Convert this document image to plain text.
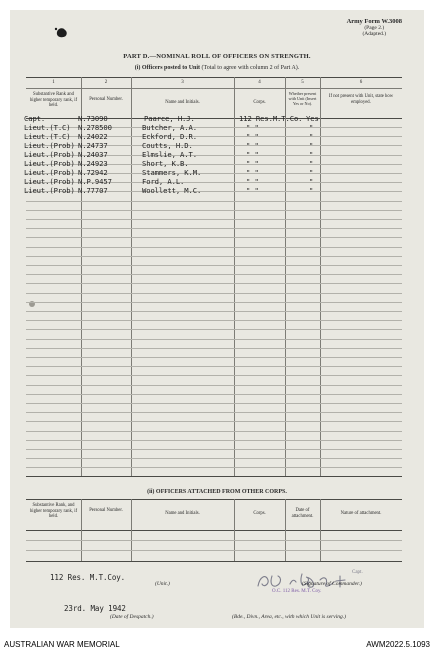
Army Form W.3008
(Page 2.)
(Adapted.)
PART D.—NOMINAL ROLL OF OFFICERS ON STRENGTH.
(i) Officers posted to Unit (Total to agree with column 2 of Part A).
1	2	3	4	5	6
Substantive Rank and higher temporary rank, if held.
Personal Number.
Name and Initials.	Corps.
Whether present with Unit (Insert Yes or No).
If not present with Unit, state how employed.
Capt.	N.73090	Paarce, H.J.	112 Res.M.T.Co. Yes
Lieut.(T.C) N.278500	Butcher, A.A.	" "	"
Lieut.(T.C) N.24022	Eckford, D.R.	" "	"
Lieut.(Prob) N.24737	Coutts, H.D.	" "	"
Lieut.(Prob) N.24037	Elmslie, A.T.	" "	"
Lieut.(Prob) N.24923	Short, K.B.	" "	"
Lieut.(Prob) N.72942	Stammers, K.M.	" "	"
Lieut.(Prob) N.P.9457	Ford, A.L.	" "	"
Lieut.(Prob) N.77707	Woollett, M.C.	" "	"
(ii) OFFICERS ATTACHED FROM OTHER CORPS.
Substantive Rank, and higher temporary rank, if held.
Personal Number.
Name and Initials.	Corps.
Date of attachment.	Nature of attachment.
112 Res. M.T.Coy.
(Unit.)
Capt.
(Signature of Commander.)
O.C. 112 Res. M.T. Coy.
23rd. May 1942
(Date of Despatch.)	(Bde., Divn., Area, etc., with which Unit is serving.)
AUSTRALIAN WAR MEMORIAL	AWM2022.5.1093
